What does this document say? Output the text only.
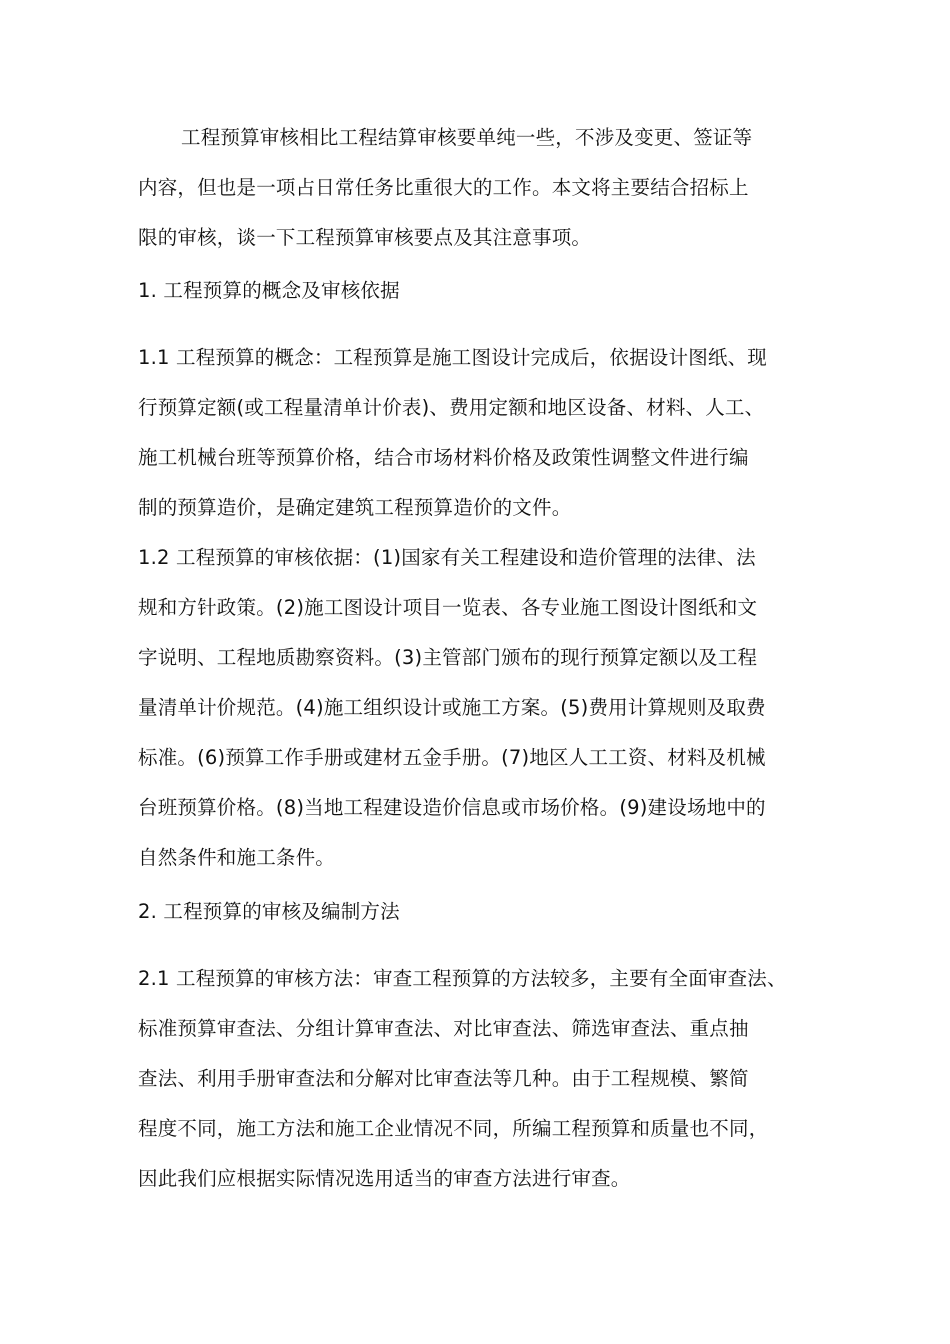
工程预算审核相比工程结算审核要单纯一些，不涉及变更、签证等
内容，但也是一项占日常任务比重很大的工作。本文将主要结合招标上
限的审核，谈一下工程预算审核要点及其注意事项。
1. 工程预算的概念及审核依据
1.1 工程预算的概念：工程预算是施工图设计完成后，依据设计图纸、现
行预算定额(或工程量清单计价表)、费用定额和地区设备、材料、人工、
施工机械台班等预算价格，结合市场材料价格及政策性调整文件进行编
制的预算造价，是确定建筑工程预算造价的文件。
1.2 工程预算的审核依据：(1)国家有关工程建设和造价管理的法律、法
规和方针政策。(2)施工图设计项目一览表、各专业施工图设计图纸和文
字说明、工程地质勘察资料。(3)主管部门颁布的现行预算定额以及工程
量清单计价规范。(4)施工组织设计或施工方案。(5)费用计算规则及取费
标准。(6)预算工作手册或建材五金手册。(7)地区人工工资、材料及机械
台班预算价格。(8)当地工程建设造价信息或市场价格。(9)建设场地中的
自然条件和施工条件。
2. 工程预算的审核及编制方法
2.1 工程预算的审核方法：审查工程预算的方法较多，主要有全面审查法、
标准预算审查法、分组计算审查法、对比审查法、筛选审查法、重点抽
查法、利用手册审查法和分解对比审查法等几种。由于工程规模、繁简
程度不同，施工方法和施工企业情况不同，所编工程预算和质量也不同，
因此我们应根据实际情况选用适当的审查方法进行审查。
